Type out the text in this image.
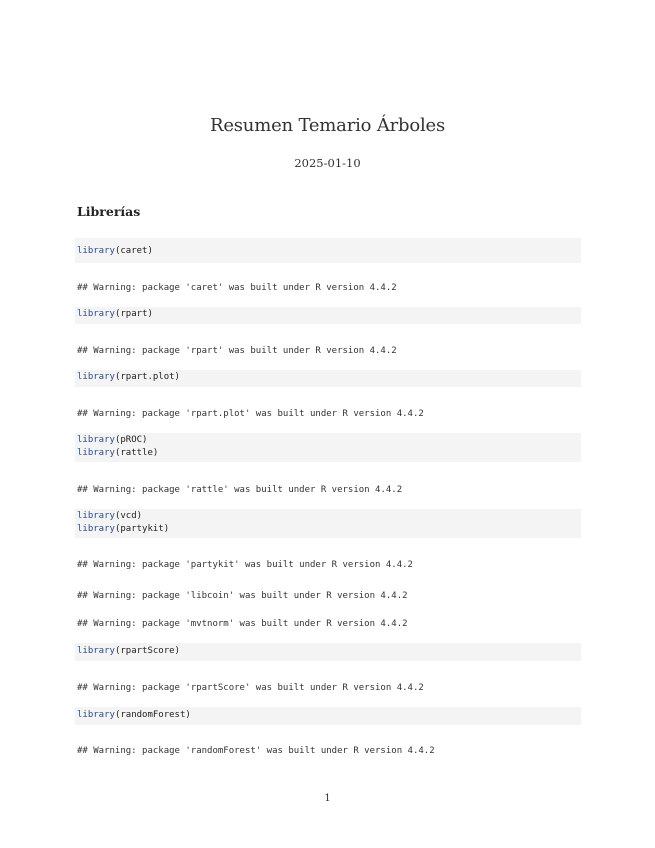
Resumen Temario Árboles
2025-01-10
Librerías
library(caret)
## Warning: package 'caret' was built under R version 4.4.2
library(rpart)
## Warning: package 'rpart' was built under R version 4.4.2
library(rpart.plot)
## Warning: package 'rpart.plot' was built under R version 4.4.2
library(pROC)
library(rattle)
## Warning: package 'rattle' was built under R version 4.4.2
library(vcd)
library(partykit)
## Warning: package 'partykit' was built under R version 4.4.2
## Warning: package 'libcoin' was built under R version 4.4.2
## Warning: package 'mvtnorm' was built under R version 4.4.2
library(rpartScore)
## Warning: package 'rpartScore' was built under R version 4.4.2
library(randomForest)
## Warning: package 'randomForest' was built under R version 4.4.2
1
